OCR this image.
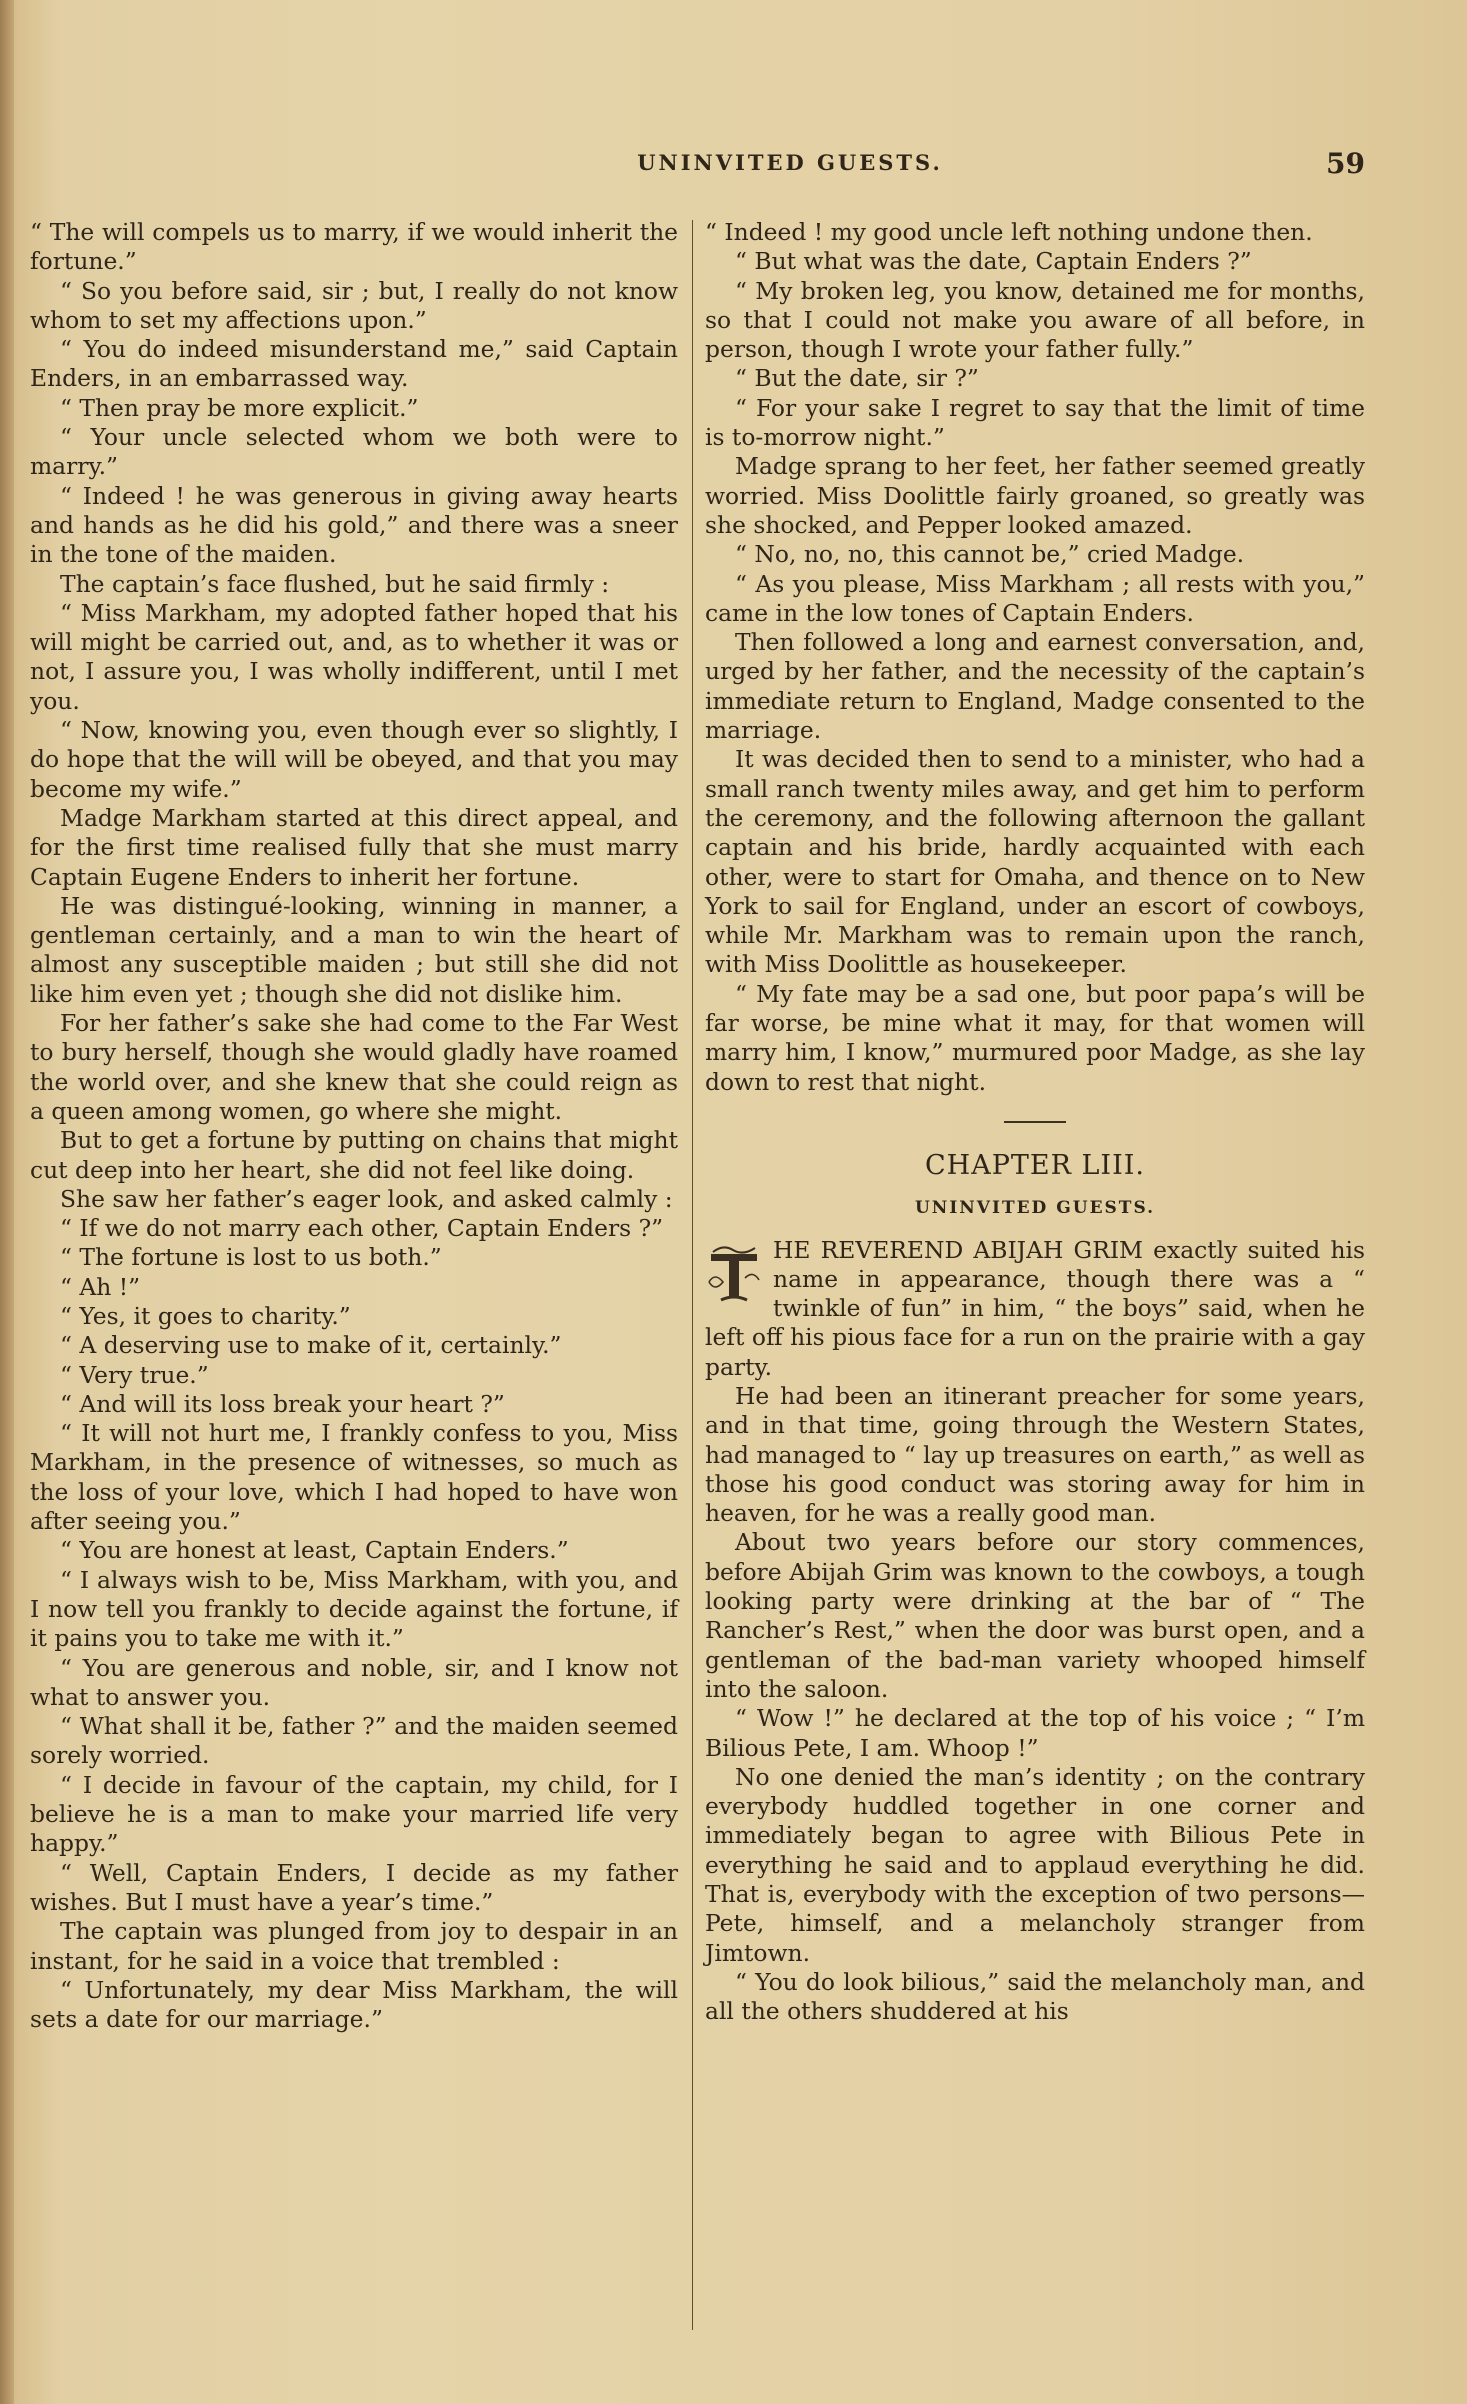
UNINVITED GUESTS.	59

“ The will compels us to marry, if we would inherit the fortune.”

“ So you before said, sir ; but, I really do not know whom to set my affections upon.”

“ You do indeed misunderstand me,” said Captain Enders, in an embarrassed way.

“ Then pray be more explicit.”

“ Your uncle selected whom we both were to marry.”

“ Indeed ! he was generous in giving away hearts and hands as he did his gold,” and there was a sneer in the tone of the maiden.

The captain’s face flushed, but he said firmly :

“ Miss Markham, my adopted father hoped that his will might be carried out, and, as to whether it was or not, I assure you, I was wholly indifferent, until I met you.

“ Now, knowing you, even though ever so slightly, I do hope that the will will be obeyed, and that you may become my wife.”

Madge Markham started at this direct appeal, and for the first time realised fully that she must marry Captain Eugene Enders to inherit her fortune.

He was distingué-looking, winning in manner, a gentleman certainly, and a man to win the heart of almost any susceptible maiden ; but still she did not like him even yet ; though she did not dislike him.

For her father’s sake she had come to the Far West to bury herself, though she would gladly have roamed the world over, and she knew that she could reign as a queen among women, go where she might.

But to get a fortune by putting on chains that might cut deep into her heart, she did not feel like doing.

She saw her father’s eager look, and asked calmly :

“ If we do not marry each other, Captain Enders ?”

“ The fortune is lost to us both.”

“ Ah !”

“ Yes, it goes to charity.”

“ A deserving use to make of it, certainly.”

“ Very true.”

“ And will its loss break your heart ?”

“ It will not hurt me, I frankly confess to you, Miss Markham, in the presence of witnesses, so much as the loss of your love, which I had hoped to have won after seeing you.”

“ You are honest at least, Captain Enders.”

“ I always wish to be, Miss Markham, with you, and I now tell you frankly to decide against the fortune, if it pains you to take me with it.”

“ You are generous and noble, sir, and I know not what to answer you.

“ What shall it be, father ?” and the maiden seemed sorely worried.

“ I decide in favour of the captain, my child, for I believe he is a man to make your married life very happy.”

“ Well, Captain Enders, I decide as my father wishes. But I must have a year’s time.”

The captain was plunged from joy to despair in an instant, for he said in a voice that trembled :

“ Unfortunately, my dear Miss Markham, the will sets a date for our marriage.”

“ Indeed ! my good uncle left nothing undone then.

“ But what was the date, Captain Enders ?”

“ My broken leg, you know, detained me for months, so that I could not make you aware of all before, in person, though I wrote your father fully.”

“ But the date, sir ?”

“ For your sake I regret to say that the limit of time is to-morrow night.”

Madge sprang to her feet, her father seemed greatly worried. Miss Doolittle fairly groaned, so greatly was she shocked, and Pepper looked amazed.

“ No, no, no, this cannot be,” cried Madge.

“ As you please, Miss Markham ; all rests with you,” came in the low tones of Captain Enders.

Then followed a long and earnest conversation, and, urged by her father, and the necessity of the captain’s immediate return to England, Madge consented to the marriage.

It was decided then to send to a minister, who had a small ranch twenty miles away, and get him to perform the ceremony, and the following afternoon the gallant captain and his bride, hardly acquainted with each other, were to start for Omaha, and thence on to New York to sail for England, under an escort of cowboys, while Mr. Markham was to remain upon the ranch, with Miss Doolittle as housekeeper.

“ My fate may be a sad one, but poor papa’s will be far worse, be mine what it may, for that women will marry him, I know,” murmured poor Madge, as she lay down to rest that night.

CHAPTER LIII.
UNINVITED GUESTS.

HE REVEREND ABIJAH GRIM exactly suited his name in appearance, though there was a “ twinkle of fun” in him, “ the boys” said, when he left off his pious face for a run on the prairie with a gay party.

He had been an itinerant preacher for some years, and in that time, going through the Western States, had managed to “ lay up treasures on earth,” as well as those his good conduct was storing away for him in heaven, for he was a really good man.

About two years before our story commences, before Abijah Grim was known to the cowboys, a tough looking party were drinking at the bar of “ The Rancher’s Rest,” when the door was burst open, and a gentleman of the bad-man variety whooped himself into the saloon.

“ Wow !” he declared at the top of his voice ; “ I’m Bilious Pete, I am. Whoop !”

No one denied the man’s identity ; on the contrary everybody huddled together in one corner and immediately began to agree with Bilious Pete in everything he said and to applaud everything he did. That is, everybody with the exception of two persons—Pete, himself, and a melancholy stranger from Jimtown.

“ You do look bilious,” said the melancholy man, and all the others shuddered at his
